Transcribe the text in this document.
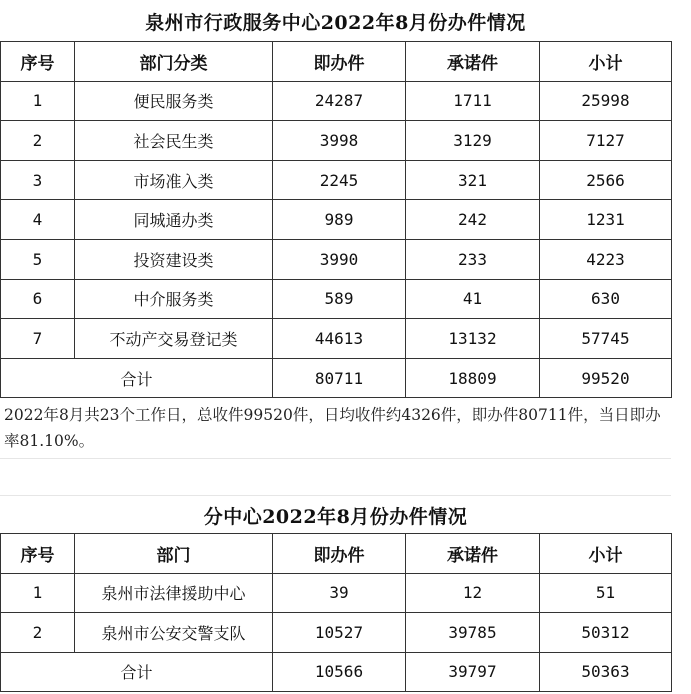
泉州市行政服务中心2022年8月份办件情况
序号	部门分类	即办件	承诺件	小计
1	便民服务类	24287	1711	25998
2	社会民生类	3998	3129	7127
3	市场准入类	2245	321	2566
4	同城通办类	989	242	1231
5	投资建设类	3990	233	4223
6	中介服务类	589	41	630
7	不动产交易登记类	44613	13132	57745
合计		80711	18809	99520
2022年8月共23个工作日，总收件99520件，日均收件约4326件，即办件80711件，当日即办率81.10%。
分中心2022年8月份办件情况
序号	部门	即办件	承诺件	小计
1	泉州市法律援助中心	39	12	51
2	泉州市公安交警支队	10527	39785	50312
合计		10566	39797	50363
